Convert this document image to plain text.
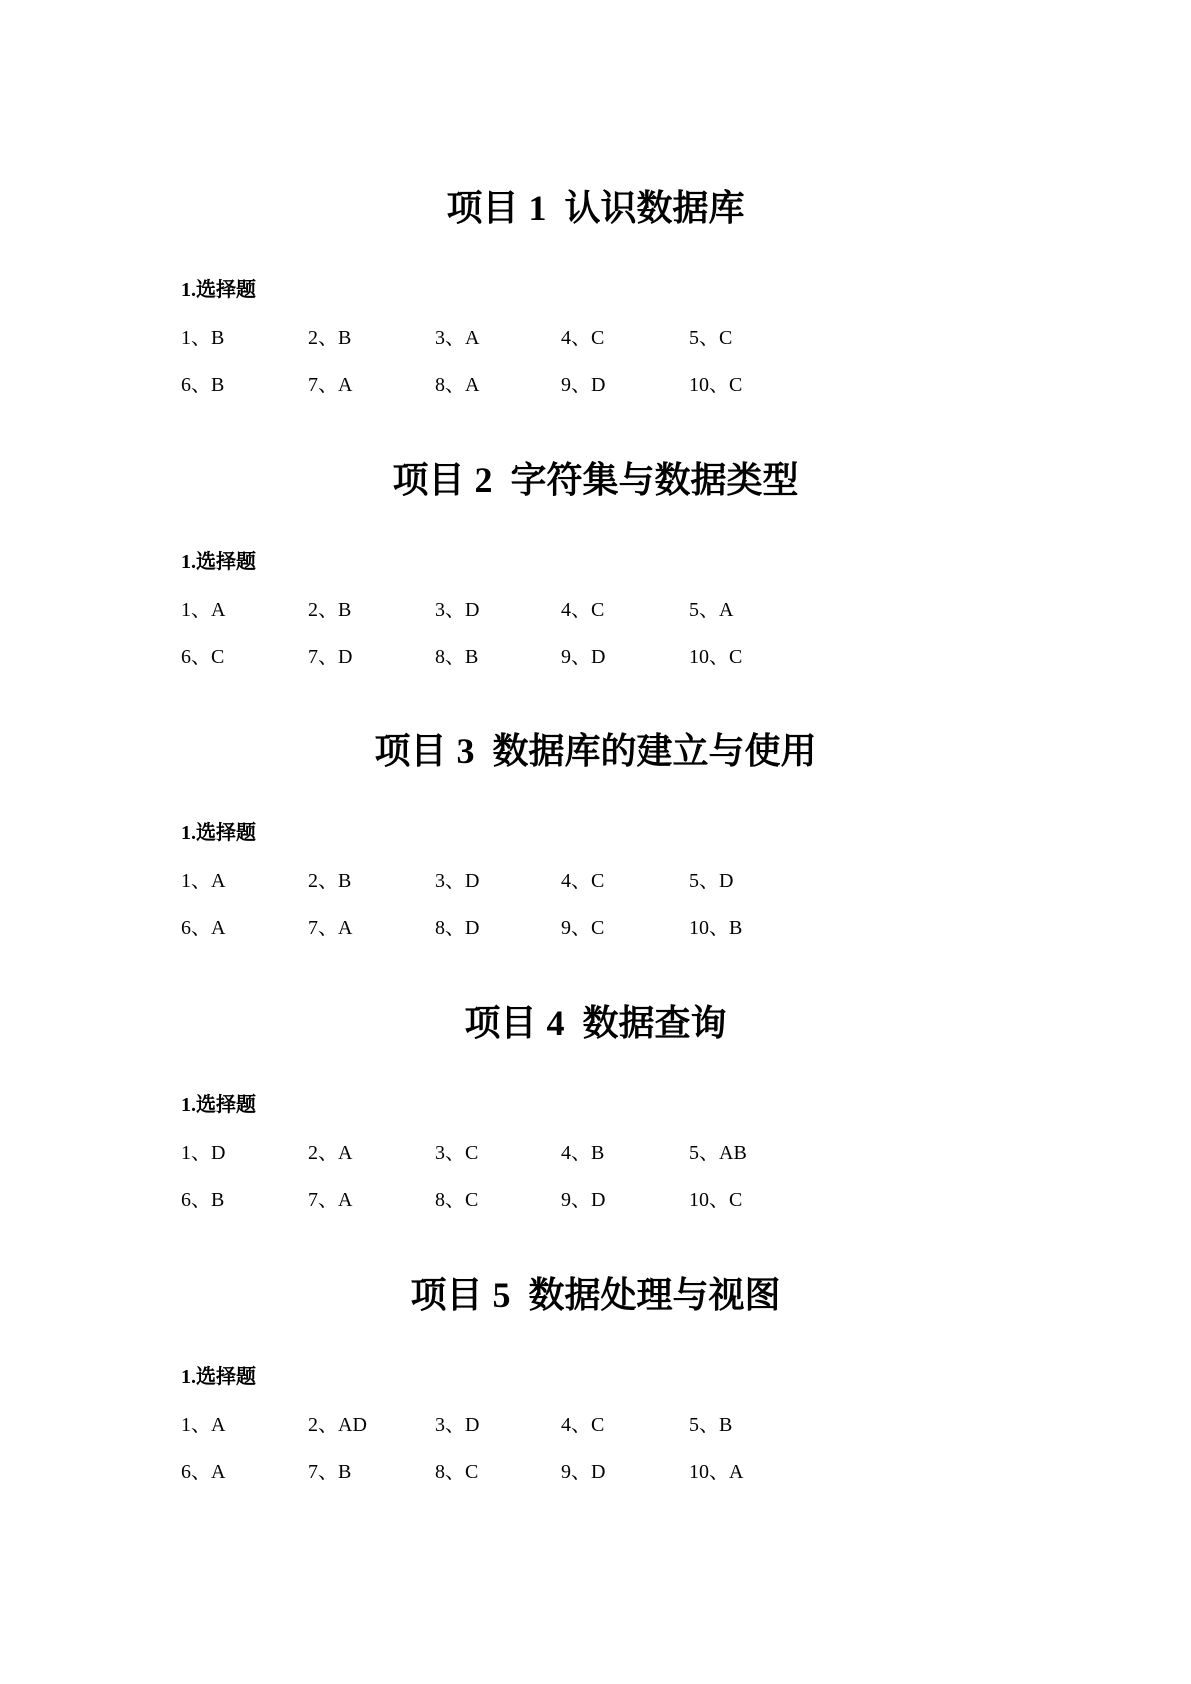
项目 1 认识数据库
1.选择题
1、B	2、B	3、A	4、C	5、C
6、B	7、A	8、A	9、D	10、C
项目 2 字符集与数据类型
1.选择题
1、A	2、B	3、D	4、C	5、A
6、C	7、D	8、B	9、D	10、C
项目 3 数据库的建立与使用
1.选择题
1、A	2、B	3、D	4、C	5、D
6、A	7、A	8、D	9、C	10、B
项目 4 数据查询
1.选择题
1、D	2、A	3、C	4、B	5、AB
6、B	7、A	8、C	9、D	10、C
项目 5 数据处理与视图
1.选择题
1、A	2、AD	3、D	4、C	5、B
6、A	7、B	8、C	9、D	10、A
